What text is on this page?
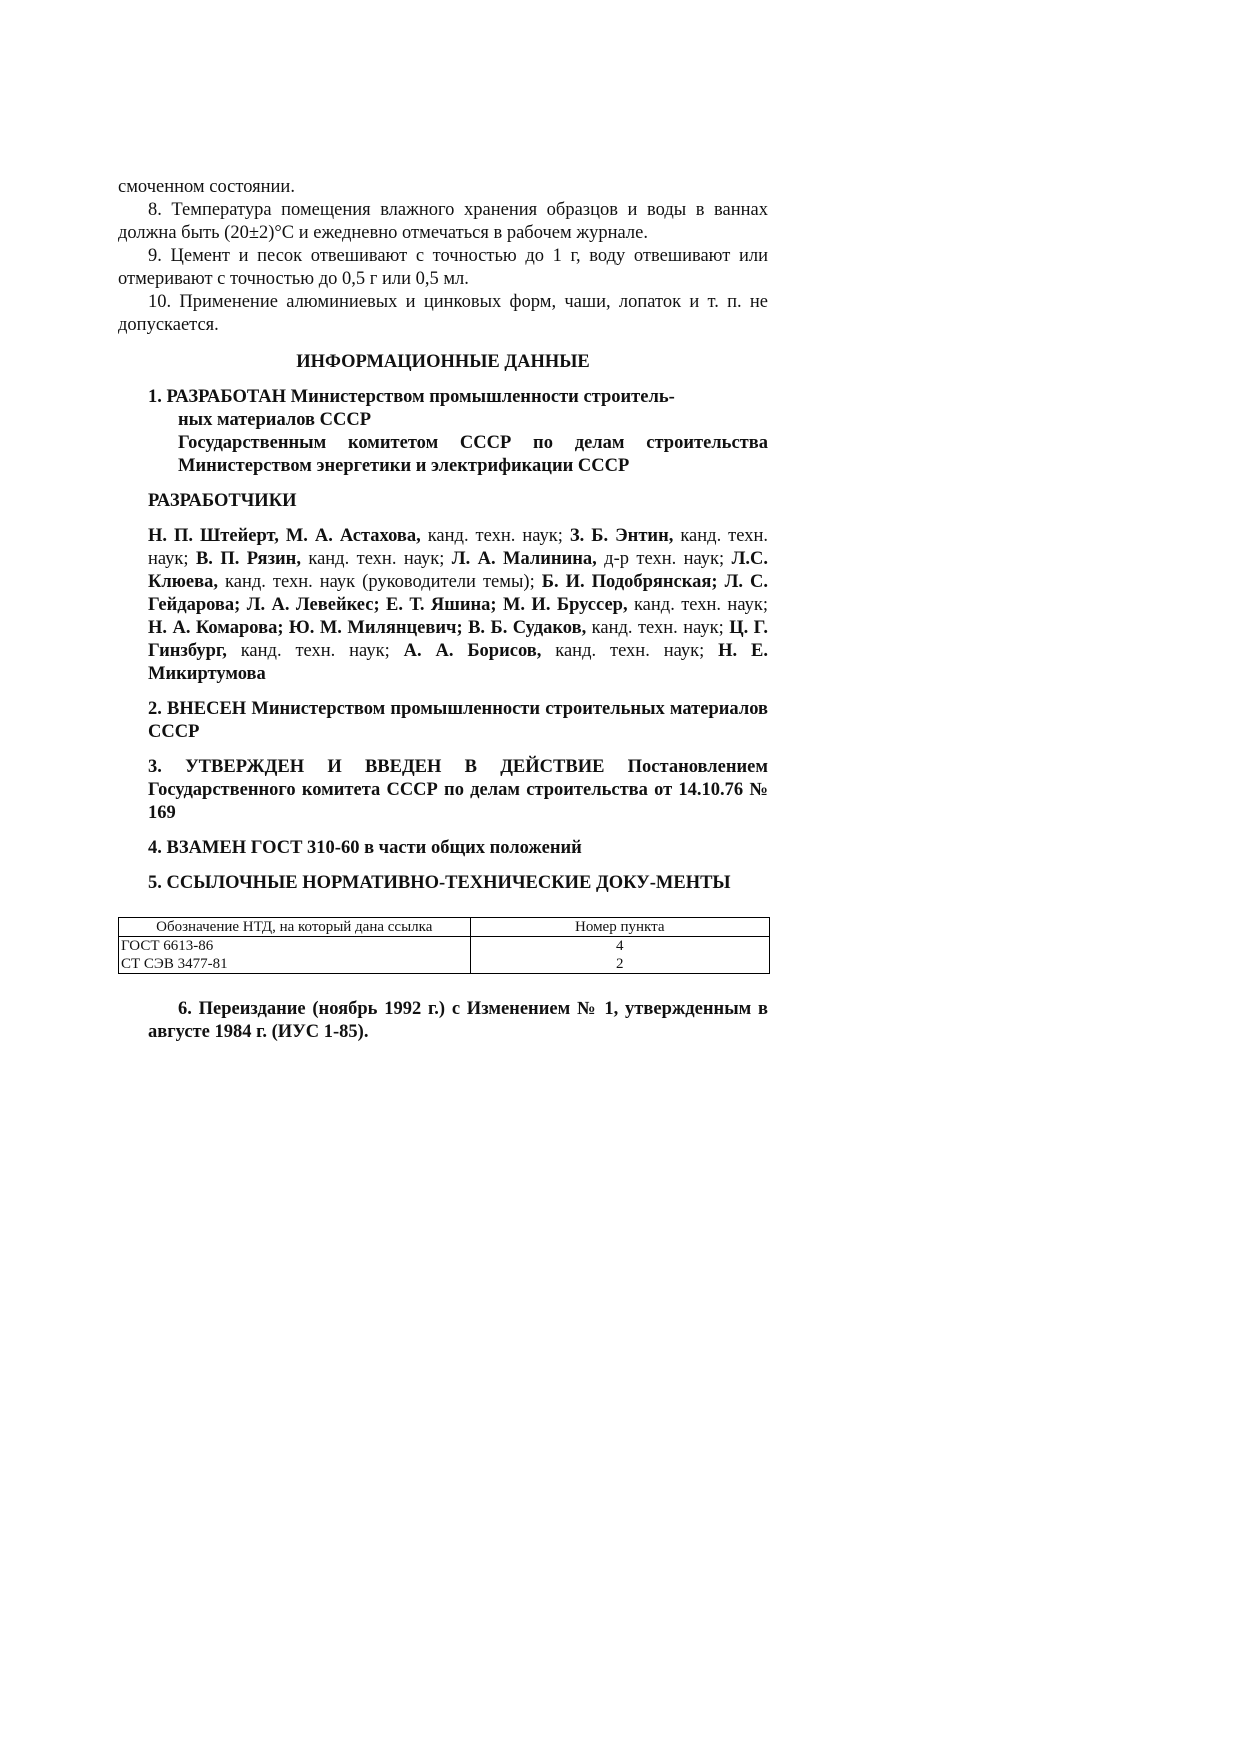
смоченном состоянии.

8. Температура помещения влажного хранения образцов и воды в ваннах должна быть (20±2)°С и ежедневно отмечаться в рабочем журнале.

9. Цемент и песок отвешивают с точностью до 1 г, воду отвешивают или отмеривают с точностью до 0,5 г или 0,5 мл.

10. Применение алюминиевых и цинковых форм, чаши, лопаток и т. п. не допускается.

ИНФОРМАЦИОННЫЕ ДАННЫЕ
1. РАЗРАБОТАН Министерством промышленности строитель-
ных материалов СССР
Государственным комитетом СССР по делам строительства
Министерством энергетики и электрификации СССР
РАЗРАБОТЧИКИ
Н. П. Штейерт, М. А. Астахова, канд. техн. наук; З. Б. Энтин, канд. техн. наук; В. П. Рязин, канд. техн. наук; Л. А. Малинина, д-р техн. наук; Л.С. Клюева, канд. техн. наук (руководители темы); Б. И. Подобрянская; Л. С. Гейдарова; Л. А. Левейкес; Е. Т. Яшина; М. И. Бруссер, канд. техн. наук; Н. А. Комарова; Ю. М. Милянцевич; В. Б. Судаков, канд. техн. наук; Ц. Г. Гинзбург, канд. техн. наук; А. А. Борисов, канд. техн. наук; Н. Е. Микиртумова
2. ВНЕСЕН Министерством промышленности строительных материалов СССР
3. УТВЕРЖДЕН И ВВЕДЕН В ДЕЙСТВИЕ Постановлением Государственного комитета СССР по делам строительства от 14.10.76 № 169
4. ВЗАМЕН ГОСТ 310-60 в части общих положений
5. ССЫЛОЧНЫЕ НОРМАТИВНО-ТЕХНИЧЕСКИЕ ДОКУ-МЕНТЫ
Обозначение НТД, на который дана ссылка	Номер пункта
ГОСТ 6613-86	4
СТ СЭВ 3477-81	2
6. Переиздание (ноябрь 1992 г.) с Изменением № 1, утвержденным в августе 1984 г. (ИУС 1-85).
